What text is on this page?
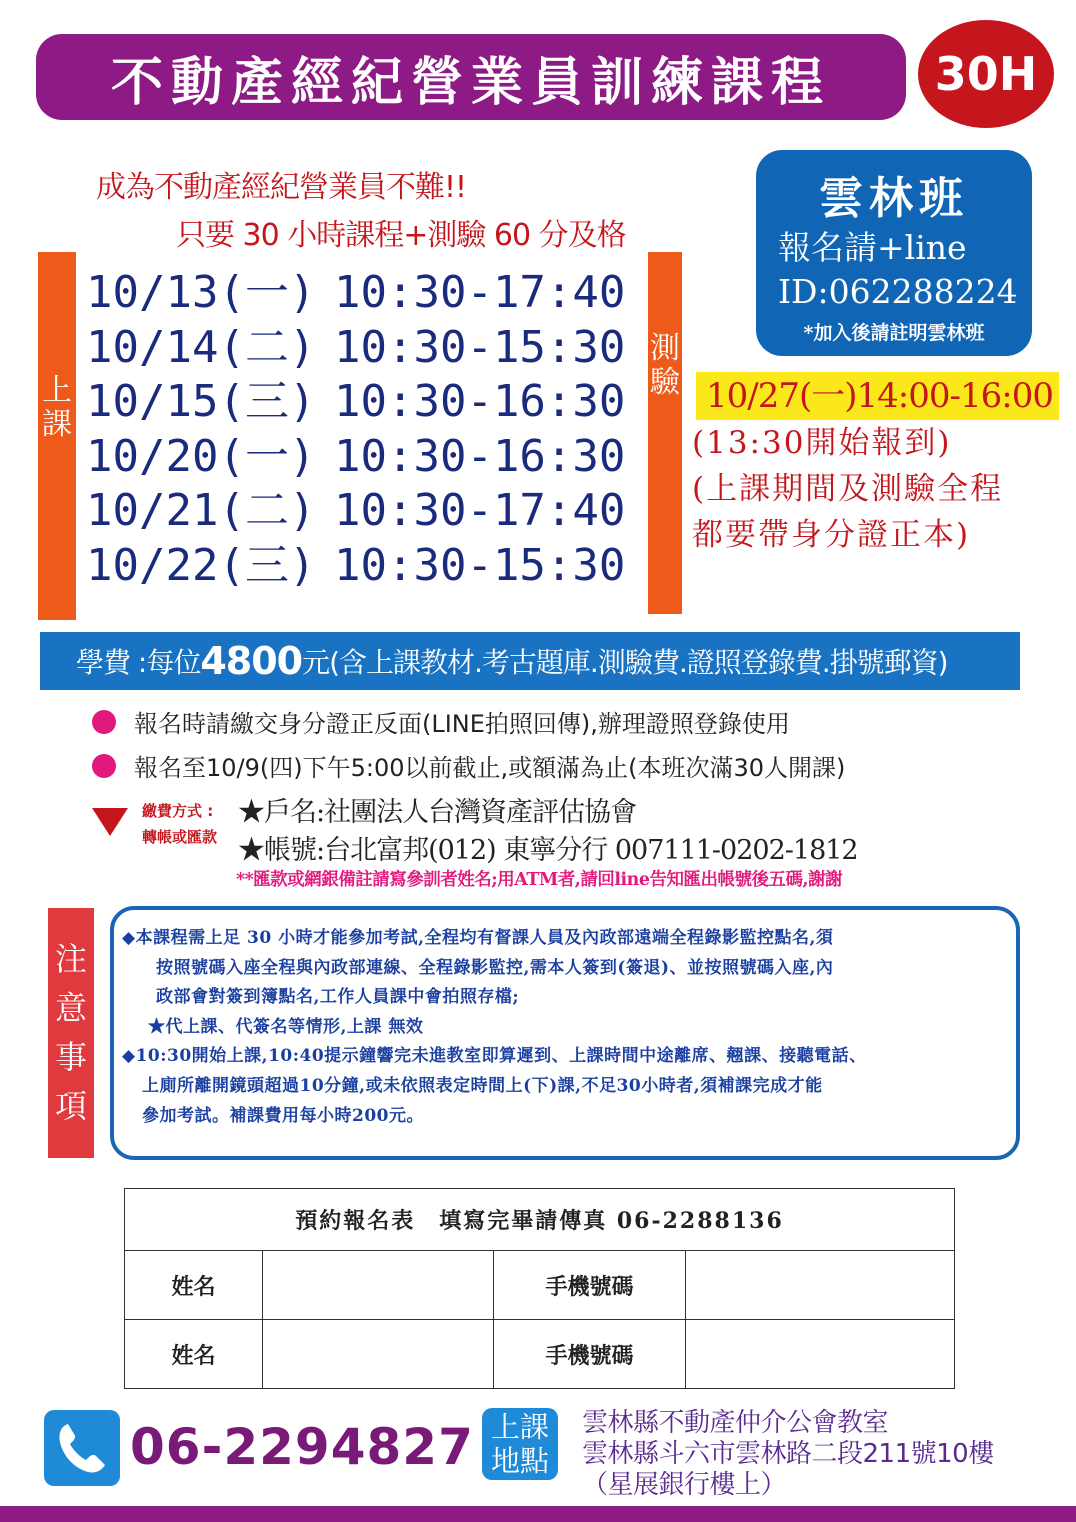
不動產經紀營業員訓練課程	30H
成為不動產經紀營業員不難!!
只要 30 小時課程+測驗 60 分及格
雲林班
報名請+line
ID:062288224
*加入後請註明雲林班
上
課
10/13(一) 10:30-17:40
10/14(二) 10:30-15:30
10/15(三) 10:30-16:30
10/20(一) 10:30-16:30
10/21(二) 10:30-17:40
10/22(三) 10:30-15:30
測
驗 10/27(一)14:00-16:00
(13:30開始報到)
(上課期間及測驗全程
都要帶身分證正本)
學費 :每位 4800 元(含上課教材.考古題庫.測驗費.證照登錄費.掛號郵資)
報名時請繳交身分證正反面(LINE拍照回傳),辦理證照登錄使用
報名至10/9(四)下午5:00以前截止,或額滿為止(本班次滿30人開課)
繳費方式 :
轉帳或匯款
★戶名:社團法人台灣資產評估協會
★帳號:台北富邦(012) 東寧分行 007111-0202-1812
**匯款或網銀備註請寫參訓者姓名;用ATM者,請回line告知匯出帳號後五碼,謝謝
注
意
事
項

◆本課程需上足 30 小時才能參加考試,全程均有督課人員及內政部遠端全程錄影監控點名,須

按照號碼入座全程與內政部連線、全程錄影監控,需本人簽到(簽退)、並按照號碼入座,內

政部會對簽到簿點名,工作人員課中會拍照存檔;

★代上課、代簽名等情形,上課 無效

◆10:30開始上課,10:40提示鐘響完未進教室即算遲到、上課時間中途離席、翹課、接聽電話、

上廁所離開鏡頭超過10分鐘,或未依照表定時間上(下)課,不足30小時者,須補課完成才能

參加考試。補課費用每小時200元。

預約報名表　填寫完畢請傳真 06-2288136			
姓名		手機號碼	
姓名		手機號碼	
06-2294827 上課
地點
雲林縣不動產仲介公會教室
雲林縣斗六市雲林路二段211號10樓
（星展銀行樓上）
